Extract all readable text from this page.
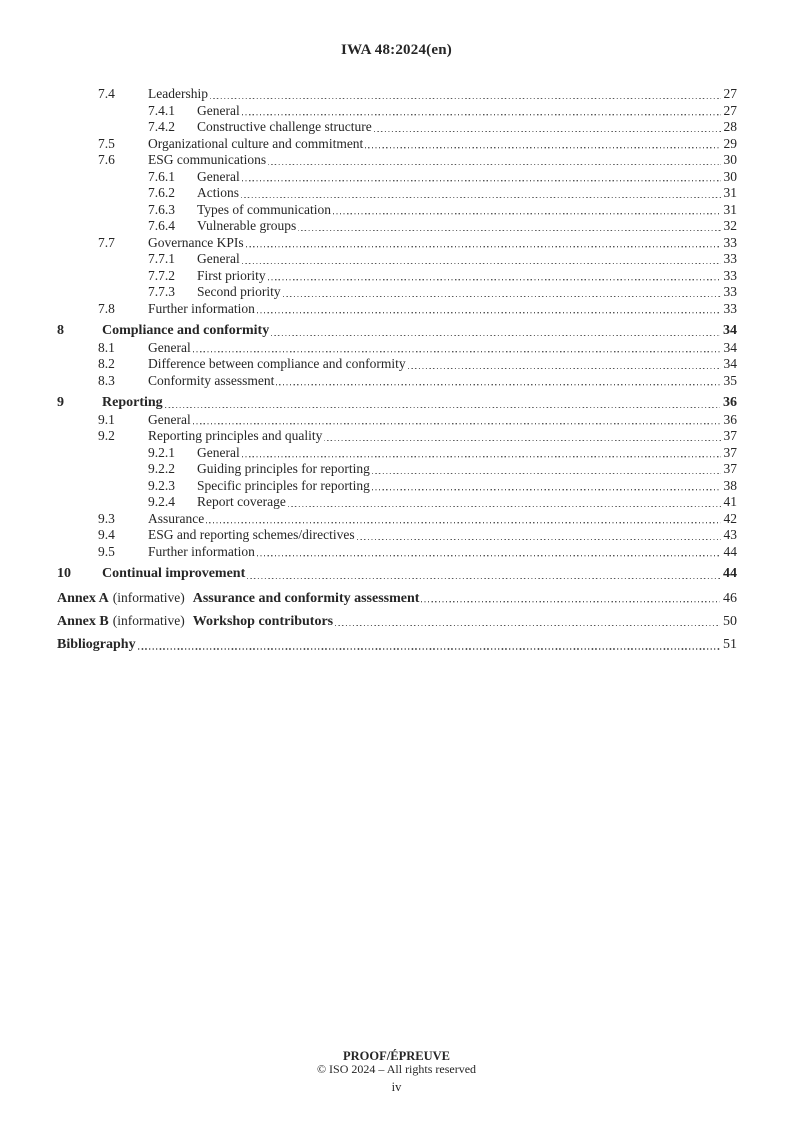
IWA 48:2024(en)
7.4	Leadership	27
7.4.1	General	27
7.4.2	Constructive challenge structure	28
7.5	Organizational culture and commitment	29
7.6	ESG communications	30
7.6.1	General	30
7.6.2	Actions	31
7.6.3	Types of communication	31
7.6.4	Vulnerable groups	32
7.7	Governance KPIs	33
7.7.1	General	33
7.7.2	First priority	33
7.7.3	Second priority	33
7.8	Further information	33
8	Compliance and conformity	34
8.1	General	34
8.2	Difference between compliance and conformity	34
8.3	Conformity assessment	35
9	Reporting	36
9.1	General	36
9.2	Reporting principles and quality	37
9.2.1	General	37
9.2.2	Guiding principles for reporting	37
9.2.3	Specific principles for reporting	38
9.2.4	Report coverage	41
9.3	Assurance	42
9.4	ESG and reporting schemes/directives	43
9.5	Further information	44
10	Continual improvement	44
Annex A (informative) Assurance and conformity assessment	46
Annex B (informative) Workshop contributors	50
Bibliography	51
PROOF/ÉPREUVE
© ISO 2024 – All rights reserved
iv
